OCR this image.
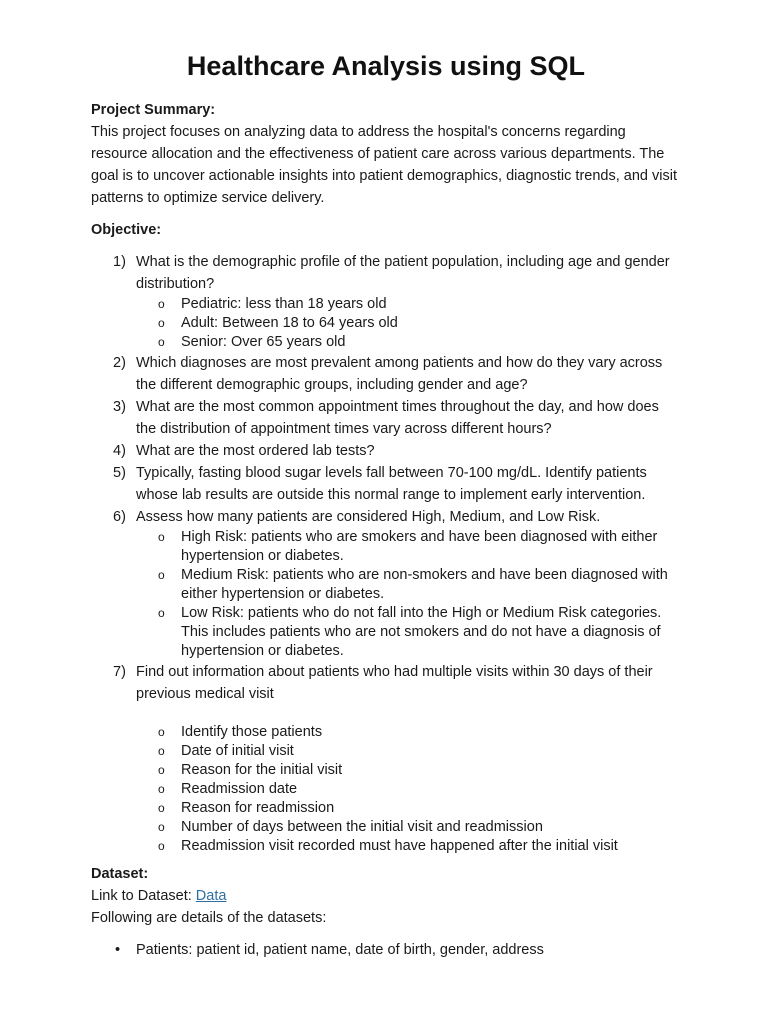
Healthcare Analysis using SQL
Project Summary:

This project focuses on analyzing data to address the hospital's concerns regarding resource allocation and the effectiveness of patient care across various departments. The goal is to uncover actionable insights into patient demographics, diagnostic trends, and visit patterns to optimize service delivery.

Objective:
1) What is the demographic profile of the patient population, including age and gender distribution?
o Pediatric: less than 18 years old
o Adult: Between 18 to 64 years old
o Senior: Over 65 years old
2) Which diagnoses are most prevalent among patients and how do they vary across the different demographic groups, including gender and age?
3) What are the most common appointment times throughout the day, and how does the distribution of appointment times vary across different hours?
4) What are the most ordered lab tests?
5) Typically, fasting blood sugar levels fall between 70-100 mg/dL. Identify patients whose lab results are outside this normal range to implement early intervention.
6) Assess how many patients are considered High, Medium, and Low Risk.
o High Risk: patients who are smokers and have been diagnosed with either hypertension or diabetes.
o Medium Risk: patients who are non-smokers and have been diagnosed with either hypertension or diabetes.
o Low Risk: patients who do not fall into the High or Medium Risk categories. This includes patients who are not smokers and do not have a diagnosis of hypertension or diabetes.
7) Find out information about patients who had multiple visits within 30 days of their previous medical visit
o Identify those patients
o Date of initial visit
o Reason for the initial visit
o Readmission date
o Reason for readmission
o Number of days between the initial visit and readmission
o Readmission visit recorded must have happened after the initial visit
Dataset:
Link to Dataset: Data
Following are details of the datasets:
• Patients: patient id, patient name, date of birth, gender, address
